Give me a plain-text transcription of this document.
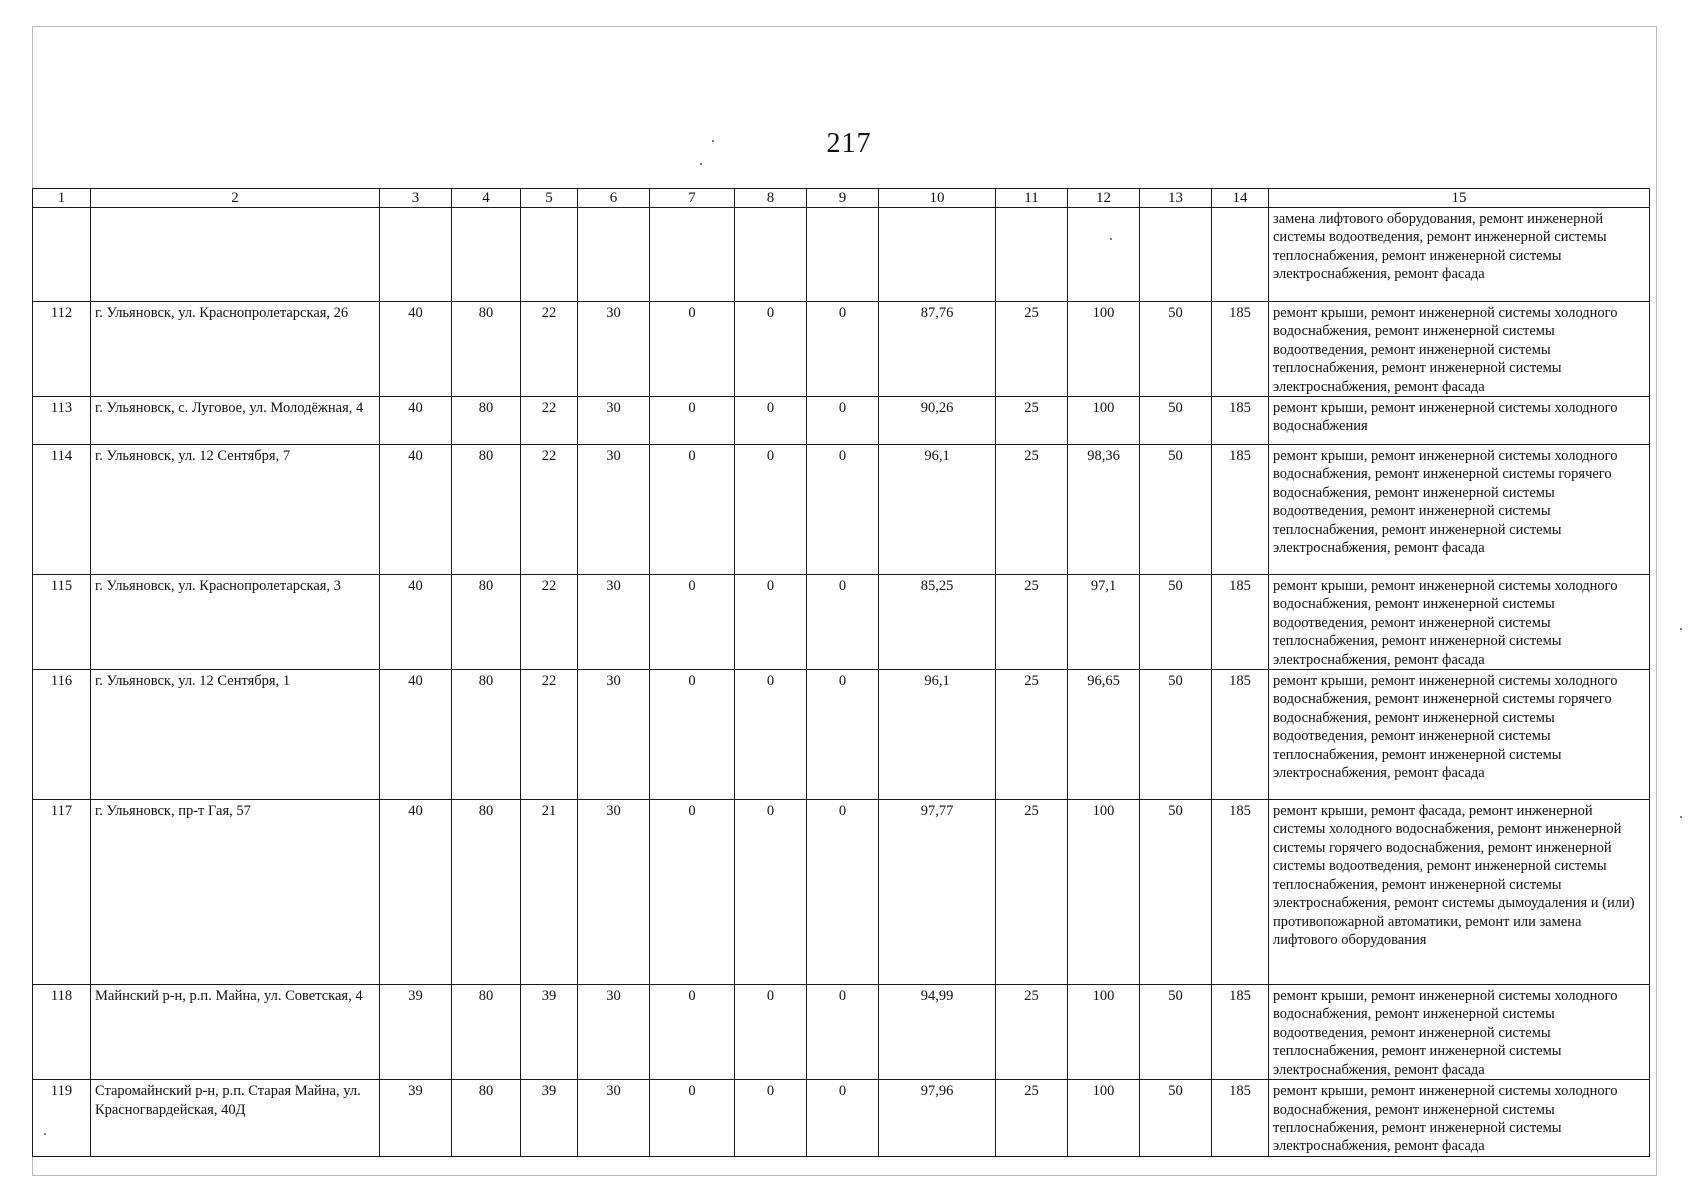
217
1	2	3	4	5	6	7	8	9	10	11	12	13	14	15
														замена лифтового оборудования, ремонт инженерной системы водоотведения, ремонт инженерной системы теплоснабжения, ремонт инженерной системы электроснабжения, ремонт фасада
112	г. Ульяновск, ул. Краснопролетарская, 26	40	80	22	30	0	0	0	87,76	25	100	50	185	ремонт крыши, ремонт инженерной системы холодного водоснабжения, ремонт инженерной системы водоотведения, ремонт инженерной системы теплоснабжения, ремонт инженерной системы электроснабжения, ремонт фасада
113	г. Ульяновск, с. Луговое, ул. Молодёжная, 4	40	80	22	30	0	0	0	90,26	25	100	50	185	ремонт крыши, ремонт инженерной системы холодного водоснабжения
114	г. Ульяновск, ул. 12 Сентября, 7	40	80	22	30	0	0	0	96,1	25	98,36	50	185	ремонт крыши, ремонт инженерной системы холодного водоснабжения, ремонт инженерной системы горячего водоснабжения, ремонт инженерной системы водоотведения, ремонт инженерной системы теплоснабжения, ремонт инженерной системы электроснабжения, ремонт фасада
115	г. Ульяновск, ул. Краснопролетарская, 3	40	80	22	30	0	0	0	85,25	25	97,1	50	185	ремонт крыши, ремонт инженерной системы холодного водоснабжения, ремонт инженерной системы водоотведения, ремонт инженерной системы теплоснабжения, ремонт инженерной системы электроснабжения, ремонт фасада
116	г. Ульяновск, ул. 12 Сентября, 1	40	80	22	30	0	0	0	96,1	25	96,65	50	185	ремонт крыши, ремонт инженерной системы холодного водоснабжения, ремонт инженерной системы горячего водоснабжения, ремонт инженерной системы водоотведения, ремонт инженерной системы теплоснабжения, ремонт инженерной системы электроснабжения, ремонт фасада
117	г. Ульяновск, пр-т Гая, 57	40	80	21	30	0	0	0	97,77	25	100	50	185	ремонт крыши, ремонт фасада, ремонт инженерной системы холодного водоснабжения, ремонт инженерной системы горячего водоснабжения, ремонт инженерной системы водоотведения, ремонт инженерной системы теплоснабжения, ремонт инженерной системы электроснабжения, ремонт системы дымоудаления и (или) противопожарной автоматики, ремонт или замена лифтового оборудования
118	Майнский р-н, р.п. Майна, ул. Советская, 4	39	80	39	30	0	0	0	94,99	25	100	50	185	ремонт крыши, ремонт инженерной системы холодного водоснабжения, ремонт инженерной системы водоотведения, ремонт инженерной системы теплоснабжения, ремонт инженерной системы электроснабжения, ремонт фасада
119	Старомайнский р-н, р.п. Старая Майна, ул. Красногвардейская, 40Д	39	80	39	30	0	0	0	97,96	25	100	50	185	ремонт крыши, ремонт инженерной системы холодного водоснабжения, ремонт инженерной системы теплоснабжения, ремонт инженерной системы электроснабжения, ремонт фасада
